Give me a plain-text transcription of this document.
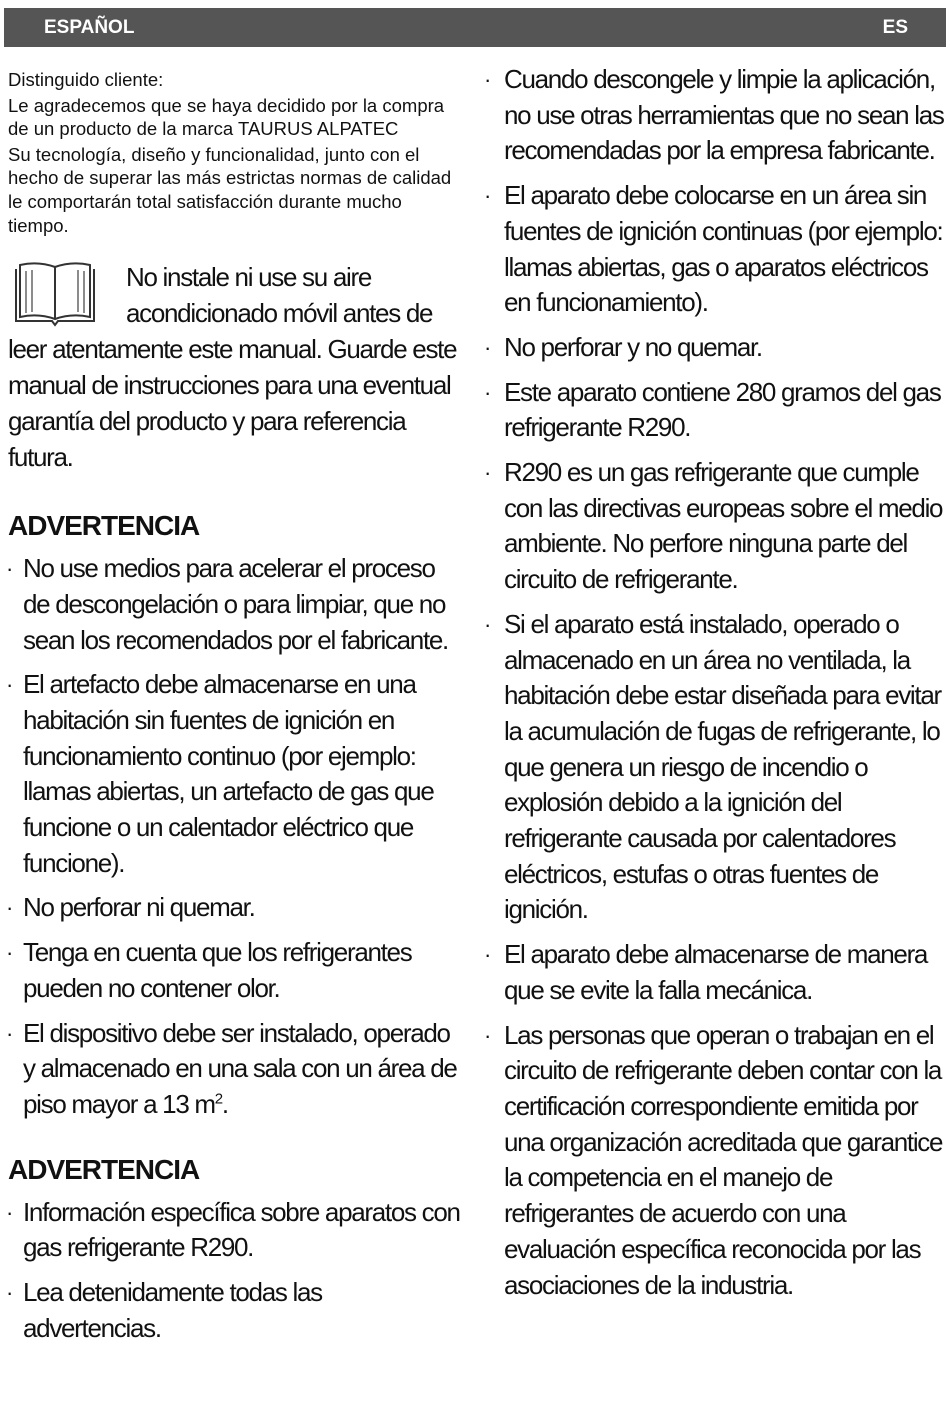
ESPAÑOL	ES

Distinguido cliente:

Le agradecemos que se haya decidido por la compra de un producto de la marca TAURUS ALPATEC

Su tecnología, diseño y funcionalidad, junto con el hecho de superar las más estrictas normas de calidad le comportarán total satisfacción durante mucho tiempo.

No instale ni use su aire acondicionado móvil antes de leer atentamente este manual. Guarde este manual de instrucciones para una eventual garantía del producto y para referencia futura.
ADVERTENCIA
· No use medios para acelerar el proceso de descongelación o para limpiar, que no sean los recomendados por el fabricante.
· El artefacto debe almacenarse en una habitación sin fuentes de ignición en funcionamiento continuo (por ejemplo: llamas abiertas, un artefacto de gas que funcione o un calentador eléctrico que funcione).
· No perforar ni quemar.
· Tenga en cuenta que los refrigerantes pueden no contener olor.
· El dispositivo debe ser instalado, operado y almacenado en una sala con un área de piso mayor a 13 $m^2$.
ADVERTENCIA
· Información específica sobre aparatos con gas refrigerante R290.
· Lea detenidamente todas las advertencias.
· Cuando descongele y limpie la aplicación, no use otras herramientas que no sean las recomendadas por la empresa fabricante.
· El aparato debe colocarse en un área sin fuentes de ignición continuas (por ejemplo: llamas abiertas, gas o aparatos eléctricos en funcionamiento).
· No perforar y no quemar.
· Este aparato contiene 280 gramos del gas refrigerante R290.
· R290 es un gas refrigerante que cumple con las directivas europeas sobre el medio ambiente. No perfore ninguna parte del circuito de refrigerante.
· Si el aparato está instalado, operado o almacenado en un área no ventilada, la habitación debe estar diseñada para evitar la acumulación de fugas de refrigerante, lo que genera un riesgo de incendio o explosión debido a la ignición del refrigerante causada por calentadores eléctricos, estufas o otras fuentes de ignición.
· El aparato debe almacenarse de manera que se evite la falla mecánica.
· Las personas que operan o trabajan en el circuito de refrigerante deben contar con la certificación correspondiente emitida por una organización acreditada que garantice la competencia en el manejo de refrigerantes de acuerdo con una evaluación específica reconocida por las asociaciones de la industria.
